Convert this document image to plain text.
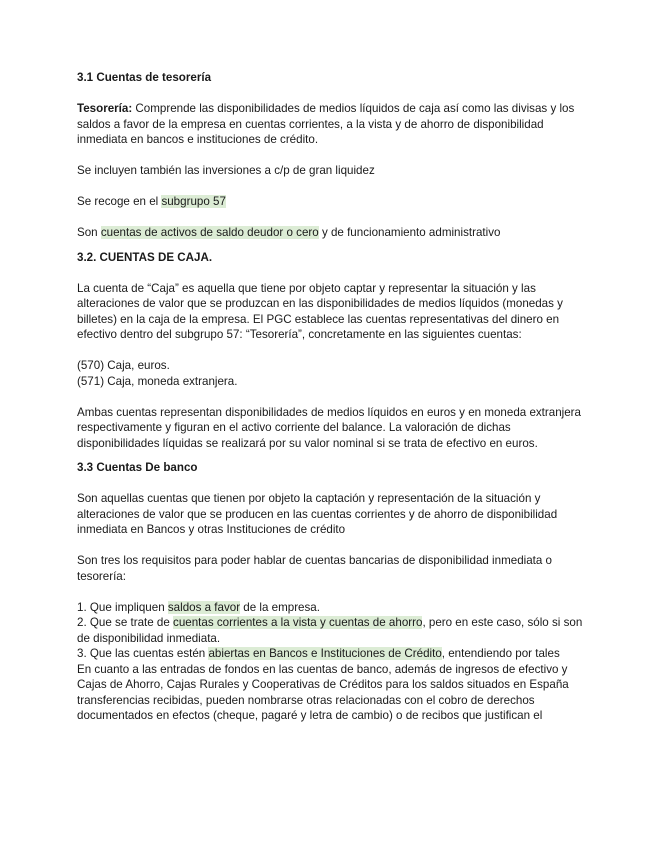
3.1 Cuentas de tesorería

Tesorería: Comprende las disponibilidades de medios líquidos de caja así como las divisas y los saldos a favor de la empresa en cuentas corrientes, a la vista y de ahorro de disponibilidad inmediata en bancos e instituciones de crédito.

Se incluyen también las inversiones a c/p de gran liquidez

Se recoge en el subgrupo 57

Son cuentas de activos de saldo deudor o cero y de funcionamiento administrativo

3.2. CUENTAS DE CAJA.

La cuenta de “Caja” es aquella que tiene por objeto captar y representar la situación y las alteraciones de valor que se produzcan en las disponibilidades de medios líquidos (monedas y billetes) en la caja de la empresa. El PGC establece las cuentas representativas del dinero en efectivo dentro del subgrupo 57: “Tesorería”, concretamente en las siguientes cuentas:

(570) Caja, euros.

(571) Caja, moneda extranjera.

Ambas cuentas representan disponibilidades de medios líquidos en euros y en moneda extranjera respectivamente y figuran en el activo corriente del balance. La valoración de dichas disponibilidades líquidas se realizará por su valor nominal si se trata de efectivo en euros.

3.3 Cuentas De banco

Son aquellas cuentas que tienen por objeto la captación y representación de la situación y alteraciones de valor que se producen en las cuentas corrientes y de ahorro de disponibilidad inmediata en Bancos y otras Instituciones de crédito

Son tres los requisitos para poder hablar de cuentas bancarias de disponibilidad inmediata o tesorería:

1. Que impliquen saldos a favor de la empresa.

2. Que se trate de cuentas corrientes a la vista y cuentas de ahorro, pero en este caso, sólo si son de disponibilidad inmediata.

3. Que las cuentas estén abiertas en Bancos e Instituciones de Crédito, entendiendo por tales

En cuanto a las entradas de fondos en las cuentas de banco, además de ingresos de efectivo y Cajas de Ahorro, Cajas Rurales y Cooperativas de Créditos para los saldos situados en España transferencias recibidas, pueden nombrarse otras relacionadas con el cobro de derechos documentados en efectos (cheque, pagaré y letra de cambio) o de recibos que justifican el
